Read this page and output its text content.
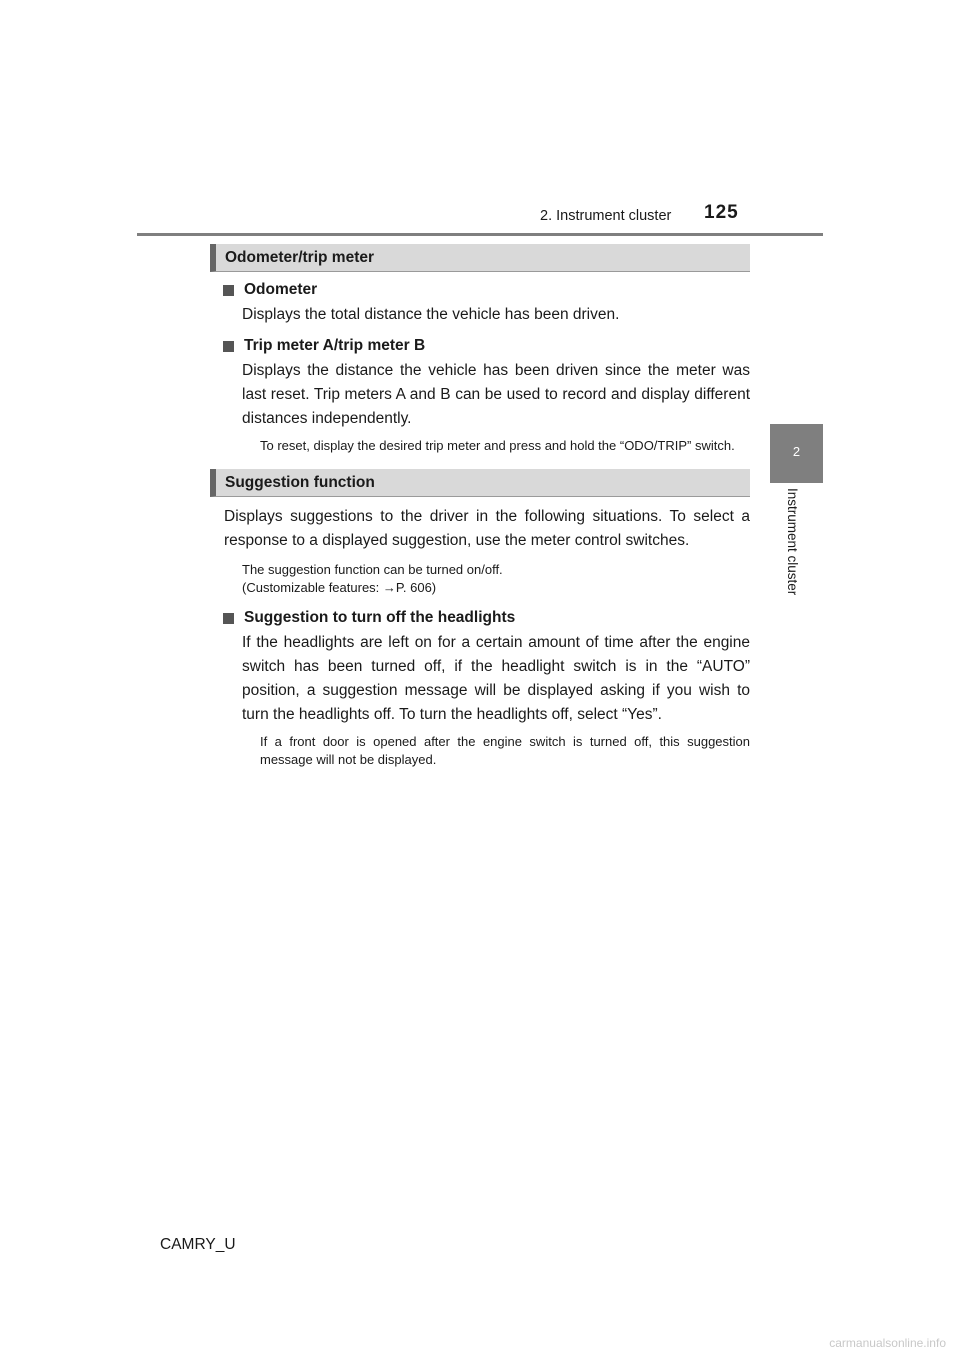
2. Instrument cluster 125
2
Instrument cluster
Odometer/trip meter
Odometer
Displays the total distance the vehicle has been driven.
Trip meter A/trip meter B
Displays the distance the vehicle has been driven since the meter was last reset. Trip meters A and B can be used to record and display different distances independently.
To reset, display the desired trip meter and press and hold the “ODO/TRIP” switch.
Suggestion function
Displays suggestions to the driver in the following situations. To select a response to a displayed suggestion, use the meter control switches.
The suggestion function can be turned on/off.
(Customizable features: →P. 606)
Suggestion to turn off the headlights
If the headlights are left on for a certain amount of time after the engine switch has been turned off, if the headlight switch is in the “AUTO” position, a suggestion message will be displayed asking if you wish to turn the headlights off. To turn the headlights off, select “Yes”.
If a front door is opened after the engine switch is turned off, this suggestion message will not be displayed.
CAMRY_U
carmanualsonline.info
